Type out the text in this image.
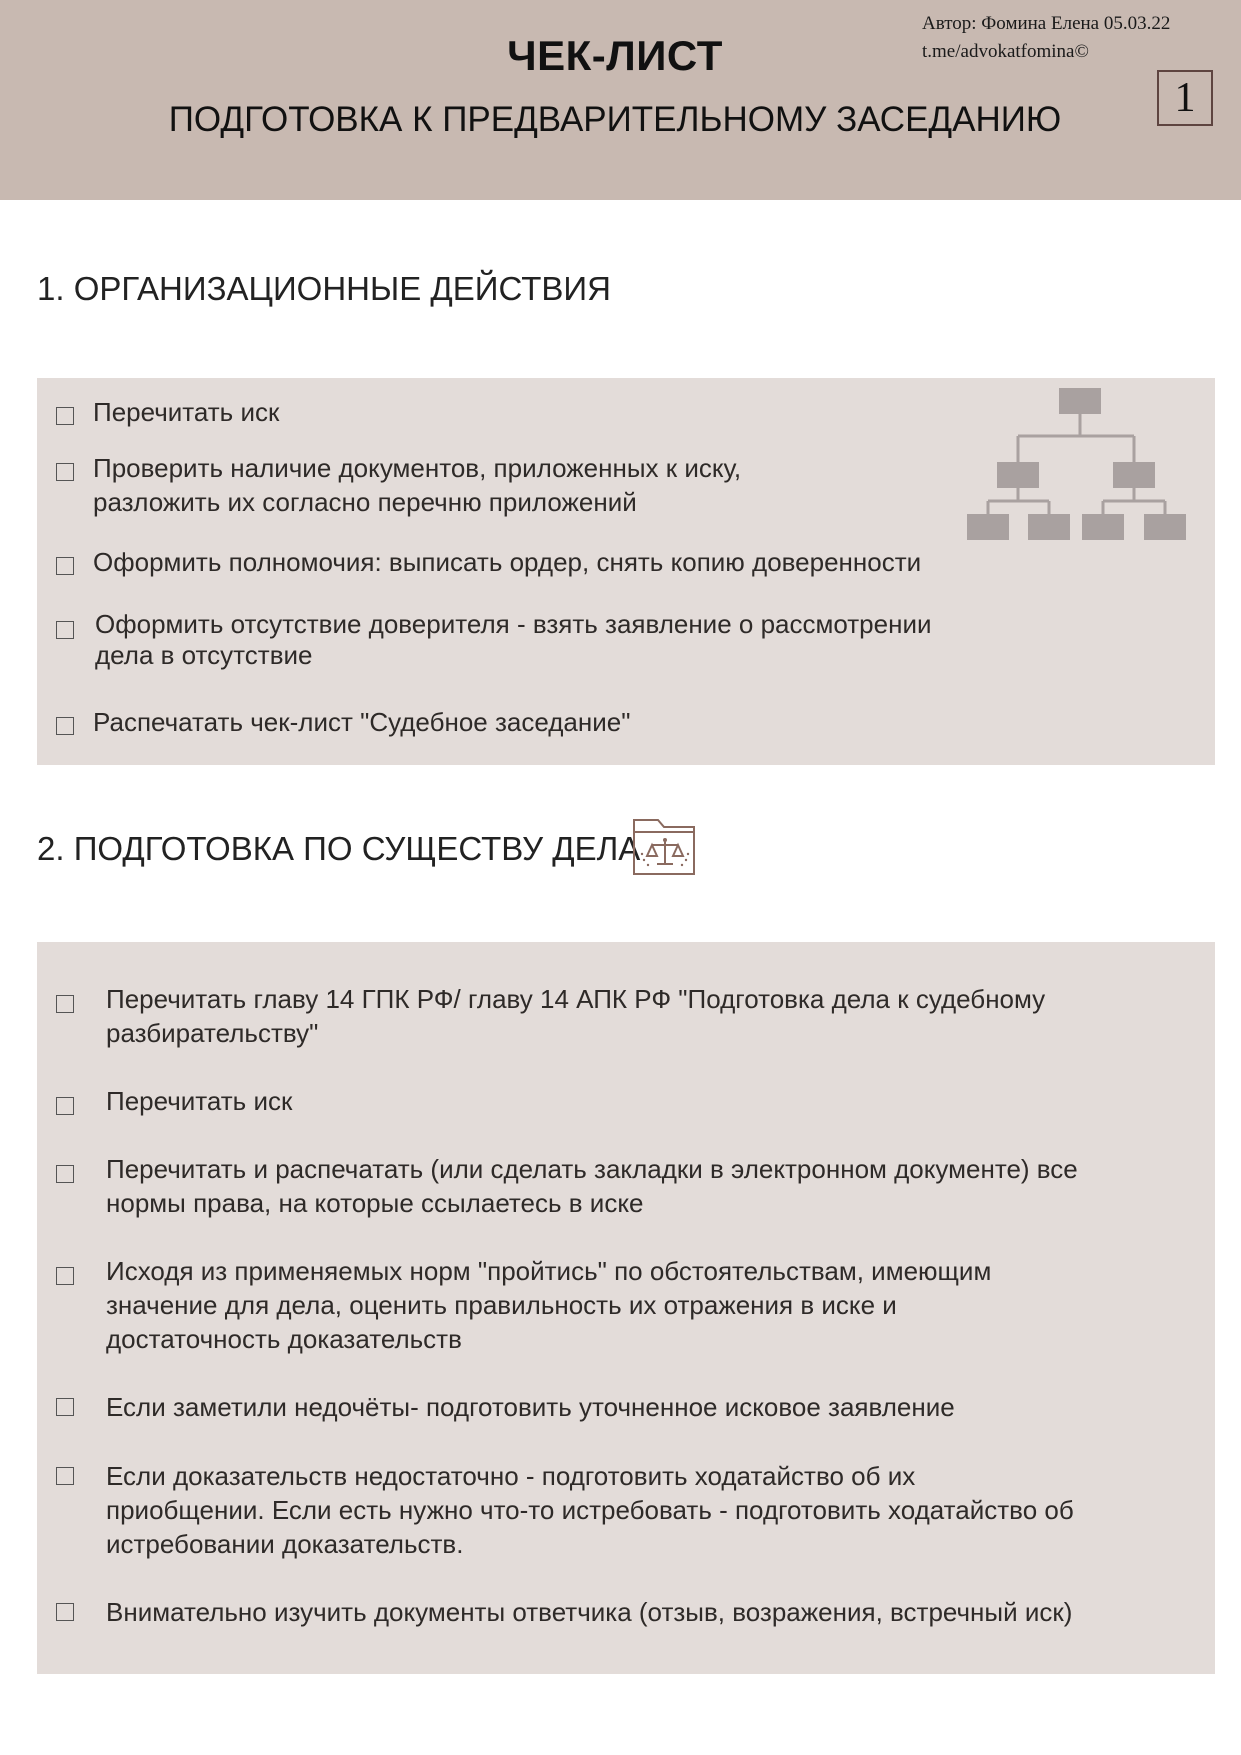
ЧЕК-ЛИСТ
ПОДГОТОВКА К ПРЕДВАРИТЕЛЬНОМУ ЗАСЕДАНИЮ
Автор: Фомина Елена 05.03.22
t.me/advokatfomina©
1
1. ОРГАНИЗАЦИОННЫЕ ДЕЙСТВИЯ
Перечитать иск
Проверить наличие документов, приложенных к иску,
разложить их согласно перечню приложений
Оформить полномочия: выписать ордер, снять копию доверенности
Оформить отсутствие доверителя - взять заявление о рассмотрении
дела в отсутствие
Распечатать чек-лист "Судебное заседание"
2. ПОДГОТОВКА ПО СУЩЕСТВУ ДЕЛА
Перечитать главу 14 ГПК РФ/ главу 14 АПК РФ "Подготовка дела к судебному
разбирательству"
Перечитать иск
Перечитать и распечатать (или сделать закладки в электронном документе) все
нормы права, на которые ссылаетесь в иске
Исходя из применяемых норм "пройтись" по обстоятельствам, имеющим
значение для дела, оценить правильность их отражения в иске и
достаточность доказательств
Если заметили недочёты- подготовить уточненное исковое заявление
Если доказательств недостаточно - подготовить ходатайство об их
приобщении. Если есть нужно что-то истребовать - подготовить ходатайство об
истребовании доказательств.
Внимательно изучить документы ответчика (отзыв, возражения, встречный иск)
